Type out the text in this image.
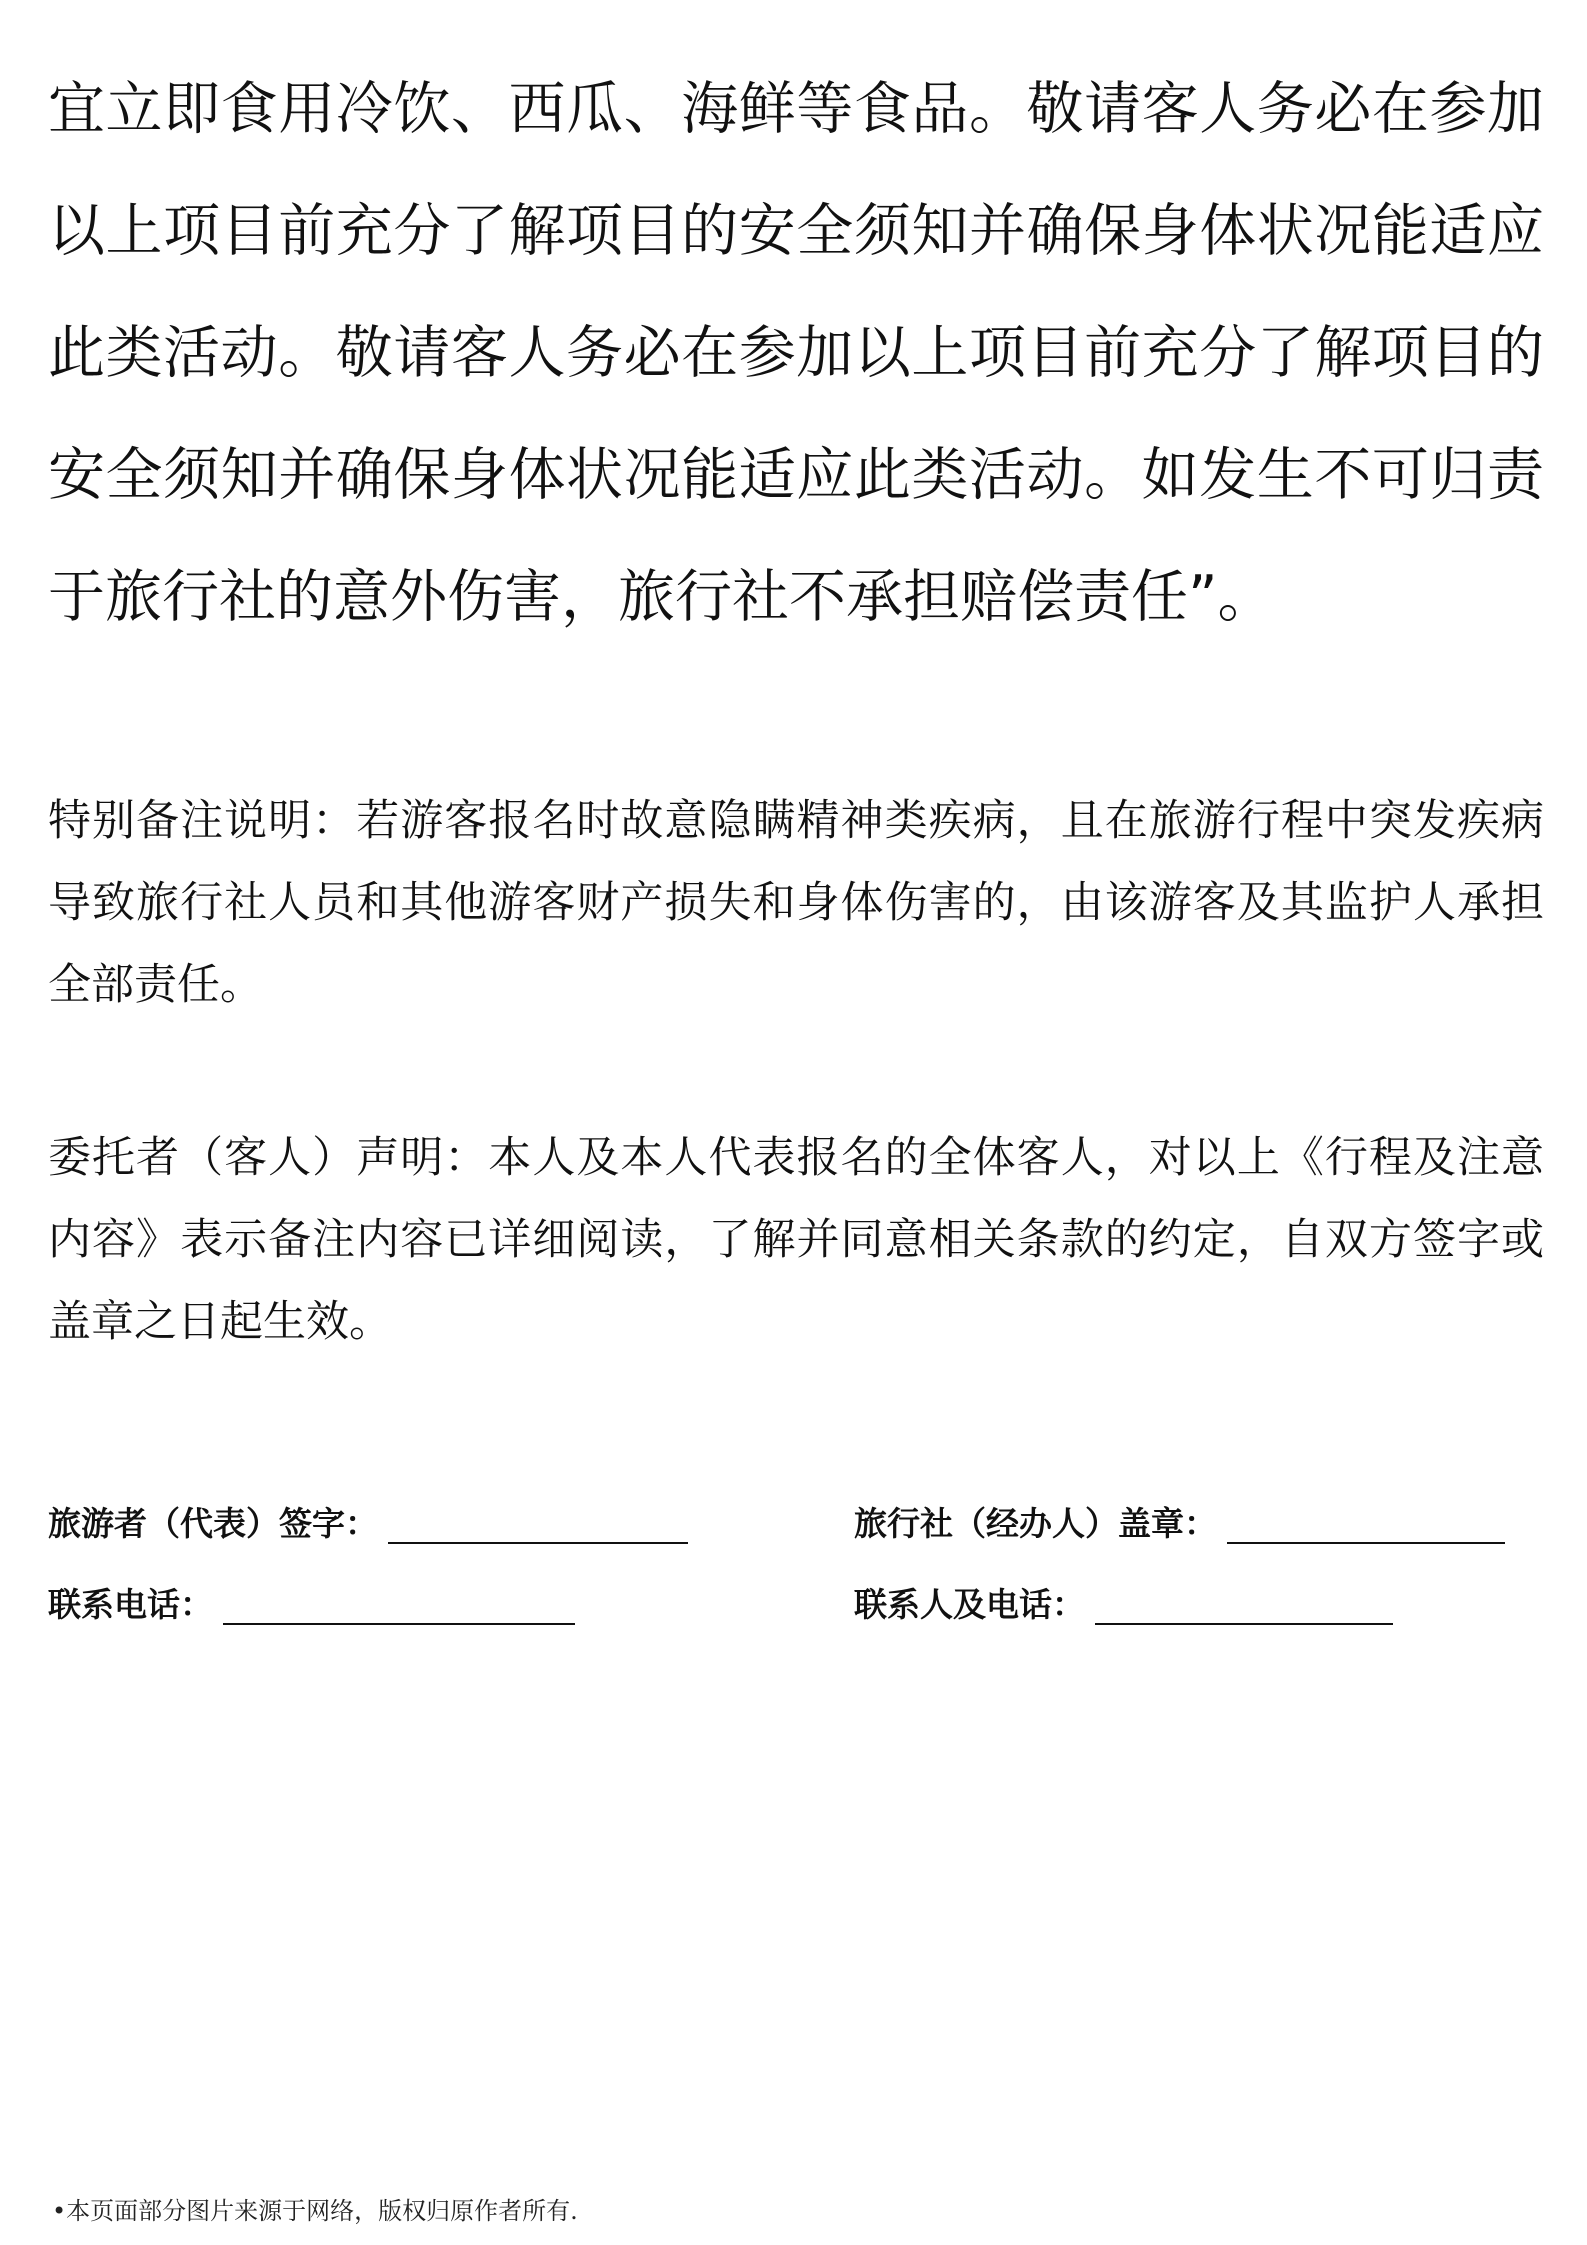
宜立即食用冷饮、西瓜、海鲜等食品。敬请客人务必在参加以上项目前充分了解项目的安全须知并确保身体状况能适应此类活动。敬请客人务必在参加以上项目前充分了解项目的安全须知并确保身体状况能适应此类活动。如发生不可归责于旅行社的意外伤害，旅行社不承担赔偿责任”。

特别备注说明：若游客报名时故意隐瞒精神类疾病，且在旅游行程中突发疾病导致旅行社人员和其他游客财产损失和身体伤害的，由该游客及其监护人承担全部责任。

委托者（客人）声明：本人及本人代表报名的全体客人，对以上《行程及注意内容》表示备注内容已详细阅读，了解并同意相关条款的约定，自双方签字或盖章之日起生效。

旅游者（代表）签字：	旅行社（经办人）盖章：
联系电话：	联系人及电话：
•本页面部分图片来源于网络，版权归原作者所有.
